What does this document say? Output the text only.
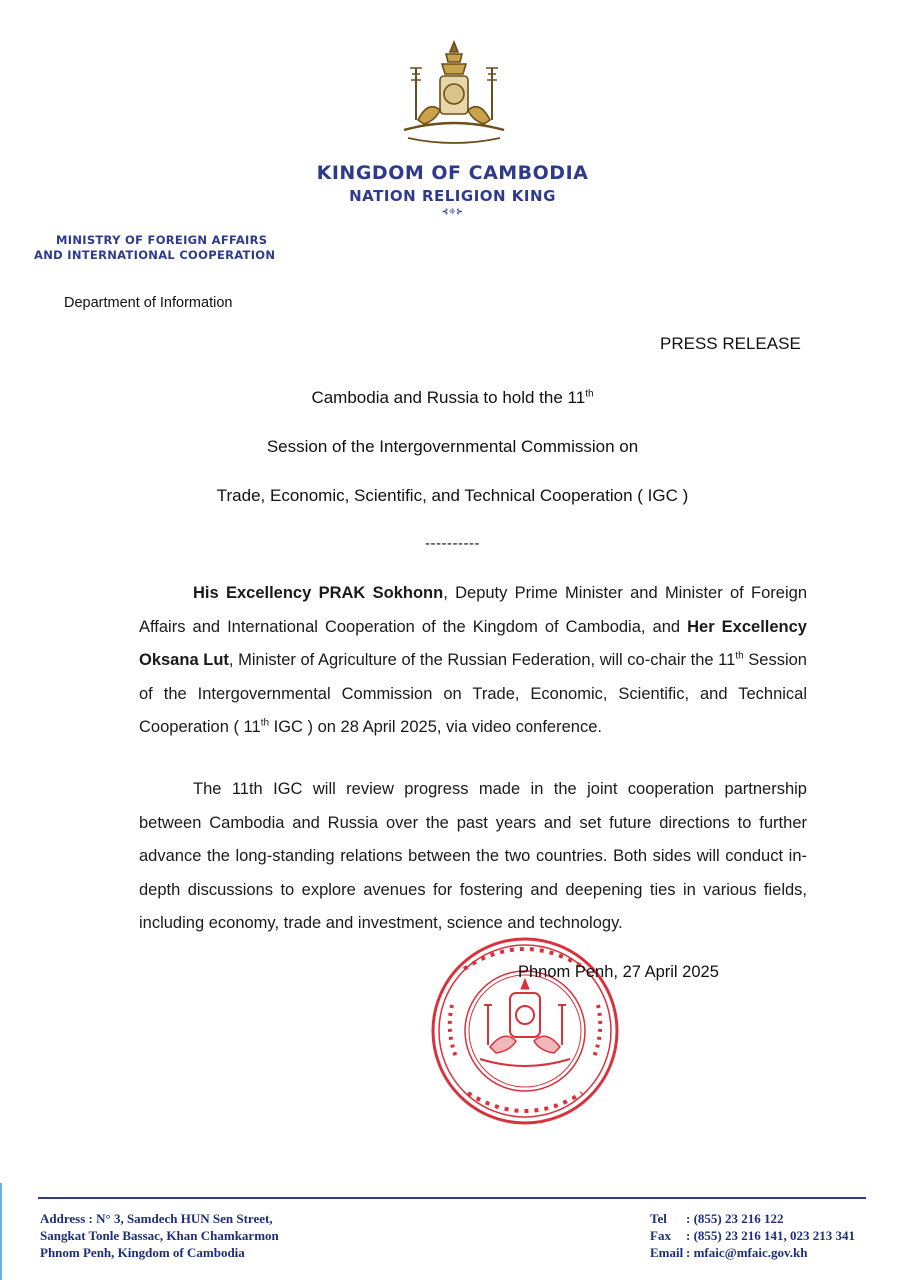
KINGDOM OF CAMBODIA
NATION RELIGION KING
⊰❈⊱
MINISTRY OF FOREIGN AFFAIRS
AND INTERNATIONAL COOPERATION
Department of Information
PRESS RELEASE
Cambodia and Russia to hold the 11th
Session of the Intergovernmental Commission on
Trade, Economic, Scientific, and Technical Cooperation ( IGC )
----------
His Excellency PRAK Sokhonn, Deputy Prime Minister and Minister of Foreign Affairs and International Cooperation of the Kingdom of Cambodia, and Her Excellency Oksana Lut, Minister of Agriculture of the Russian Federation, will co-chair the 11th Session of the Intergovernmental Commission on Trade, Economic, Scientific, and Technical Cooperation ( 11th IGC ) on 28 April 2025, via video conference.
The 11th IGC will review progress made in the joint cooperation partnership between Cambodia and Russia over the past years and set future directions to further advance the long-standing relations between the two countries. Both sides will conduct in-depth discussions to explore avenues for fostering and deepening ties in various fields, including economy, trade and investment, science and technology.
Phnom Penh, 27 April 2025
Address : N° 3, Samdech HUN Sen Street,
Sangkat Tonle Bassac, Khan Chamkarmon
Phnom Penh, Kingdom of Cambodia
Tel : (855) 23 216 122
Fax : (855) 23 216 141, 023 213 341
Email : mfaic@mfaic.gov.kh
